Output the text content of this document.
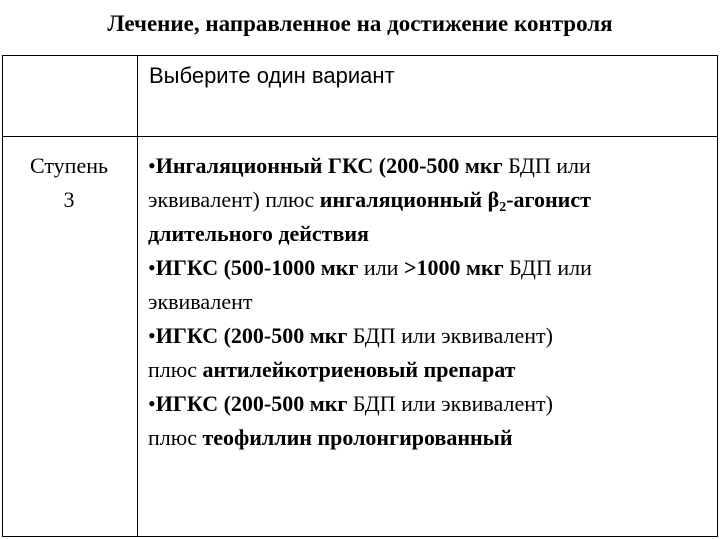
Лечение, направленное на достижение контроля
Выберите один вариант
Ступень
3
•Ингаляционный ГКС (200-500 мкг БДП или
эквивалент) плюс ингаляционный $\beta_2$-агонист
длительного действия
•ИГКС (500-1000 мкг или >1000 мкг БДП или
эквивалент
•ИГКС (200-500 мкг БДП или эквивалент)
плюс антилейкотриеновый препарат
•ИГКС (200-500 мкг БДП или эквивалент)
плюс теофиллин пролонгированный
